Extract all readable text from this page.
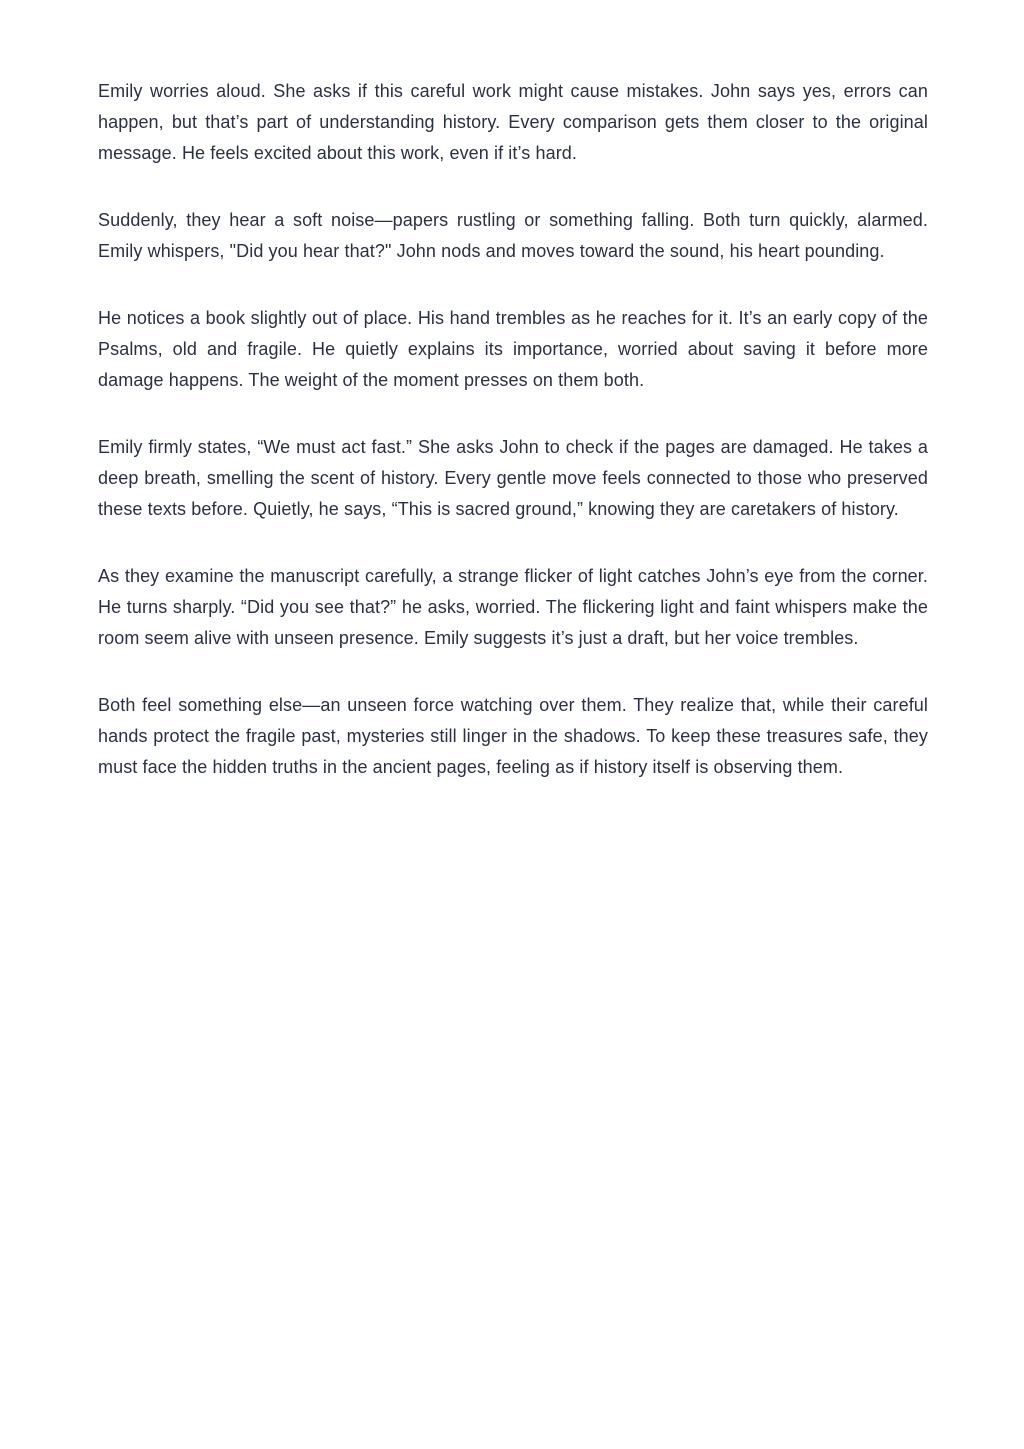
Emily worries aloud. She asks if this careful work might cause mistakes. John says yes, errors can happen, but that’s part of understanding history. Every comparison gets them closer to the original message. He feels excited about this work, even if it’s hard.

Suddenly, they hear a soft noise—papers rustling or something falling. Both turn quickly, alarmed. Emily whispers, "Did you hear that?" John nods and moves toward the sound, his heart pounding.

He notices a book slightly out of place. His hand trembles as he reaches for it. It’s an early copy of the Psalms, old and fragile. He quietly explains its importance, worried about saving it before more damage happens. The weight of the moment presses on them both.

Emily firmly states, “We must act fast.” She asks John to check if the pages are damaged. He takes a deep breath, smelling the scent of history. Every gentle move feels connected to those who preserved these texts before. Quietly, he says, “This is sacred ground,” knowing they are caretakers of history.

As they examine the manuscript carefully, a strange flicker of light catches John’s eye from the corner. He turns sharply. “Did you see that?” he asks, worried. The flickering light and faint whispers make the room seem alive with unseen presence. Emily suggests it’s just a draft, but her voice trembles.

Both feel something else—an unseen force watching over them. They realize that, while their careful hands protect the fragile past, mysteries still linger in the shadows. To keep these treasures safe, they must face the hidden truths in the ancient pages, feeling as if history itself is observing them.
